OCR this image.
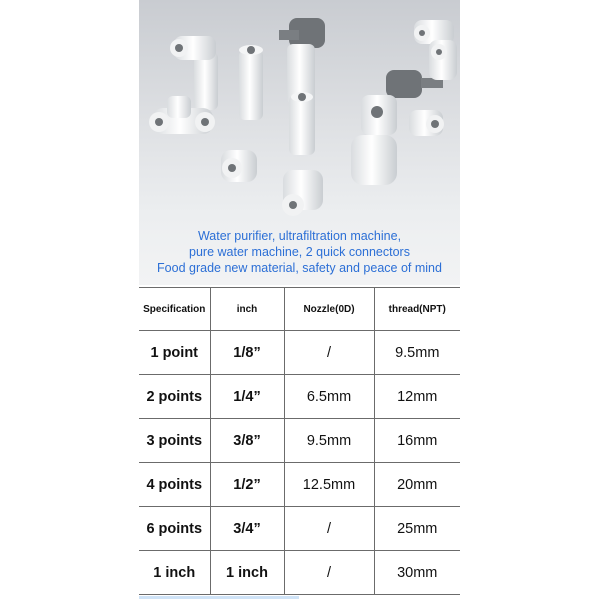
Water purifier, ultrafiltration machine,
pure water machine, 2 quick connectors
Food grade new material, safety and peace of mind
Specification	inch	Nozzle(0D)	thread(NPT)
1 point	1/8”	/	9.5mm
2 points	1/4”	6.5mm	12mm
3 points	3/8”	9.5mm	16mm
4 points	1/2”	12.5mm	20mm
6 points	3/4”	/	25mm
1 inch	1 inch	/	30mm
